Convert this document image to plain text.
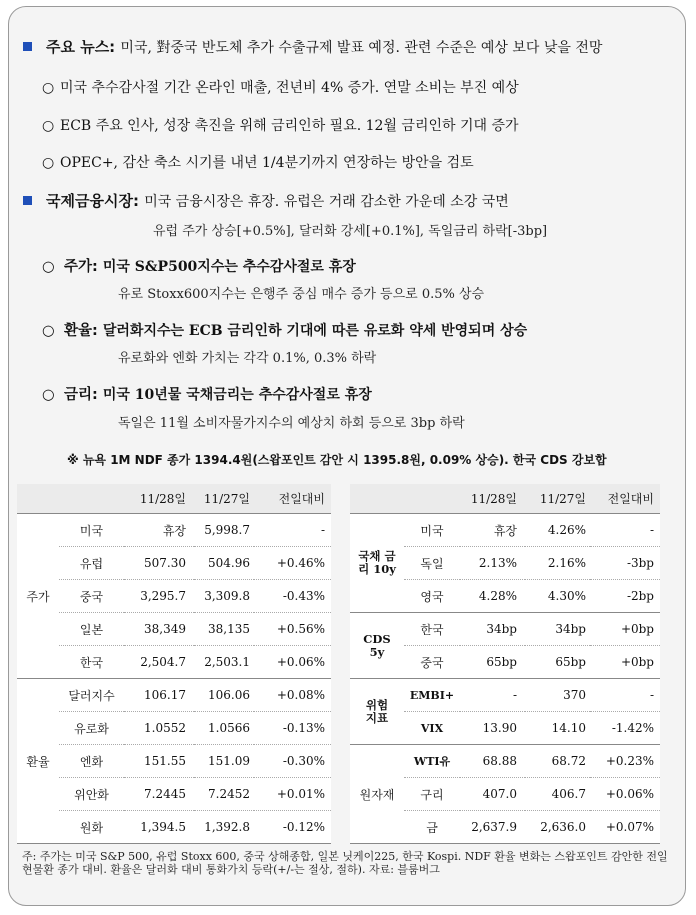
주요 뉴스: 미국, 對중국 반도체 추가 수출규제 발표 예정. 관련 수준은 예상 보다 낮을 전망
○ 미국 추수감사절 기간 온라인 매출, 전년비 4% 증가. 연말 소비는 부진 예상
○ ECB 주요 인사, 성장 촉진을 위해 금리인하 필요. 12월 금리인하 기대 증가
○ OPEC+, 감산 축소 시기를 내년 1/4분기까지 연장하는 방안을 검토
국제금융시장: 미국 금융시장은 휴장. 유럽은 거래 감소한 가운데 소강 국면
유럽 주가 상승[+0.5%], 달러화 강세[+0.1%], 독일금리 하락[-3bp]
○ 주가: 미국 S&P500지수는 추수감사절로 휴장
유로 Stoxx600지수는 은행주 중심 매수 증가 등으로 0.5% 상승
○ 환율: 달러화지수는 ECB 금리인하 기대에 따른 유로화 약세 반영되며 상승
유로화와 엔화 가치는 각각 0.1%, 0.3% 하락
○ 금리: 미국 10년물 국채금리는 추수감사절로 휴장
독일은 11월 소비자물가지수의 예상치 하회 등으로 3bp 하락
※ 뉴욕 1M NDF 종가 1394.4원(스왑포인트 감안 시 1395.8원, 0.09% 상승). 한국 CDS 강보합
		11/28일	11/27일	전일대비
주가	미국	휴장	5,998.7	-
	유럽	507.30	504.96	+0.46%
	중국	3,295.7	3,309.8	-0.43%
	일본	38,349	38,135	+0.56%
	한국	2,504.7	2,503.1	+0.06%
환율	달러지수	106.17	106.06	+0.08%
	유로화	1.0552	1.0566	-0.13%
	엔화	151.55	151.09	-0.30%
	위안화	7.2445	7.2452	+0.01%
	원화	1,394.5	1,392.8	-0.12%
		11/28일	11/27일	전일대비
국채 금리 10y	미국	휴장	4.26%	-
	독일	2.13%	2.16%	-3bp
	영국	4.28%	4.30%	-2bp
CDS 5y	한국	34bp	34bp	+0bp
	중국	65bp	65bp	+0bp
위험 지표	EMBI+	-	370	-
	VIX	13.90	14.10	-1.42%
원자재	WTI유	68.88	68.72	+0.23%
	구리	407.0	406.7	+0.06%
	금	2,637.9	2,636.0	+0.07%
주: 주가는 미국 S&P 500, 유럽 Stoxx 600, 중국 상해종합, 일본 닛케이225, 한국 Kospi. NDF 환율 변화는 스왑포인트 감안한 전일 현물환 종가 대비. 환율은 달러화 대비 통화가치 등락(+/-는 절상, 절하). 자료: 블룸버그
